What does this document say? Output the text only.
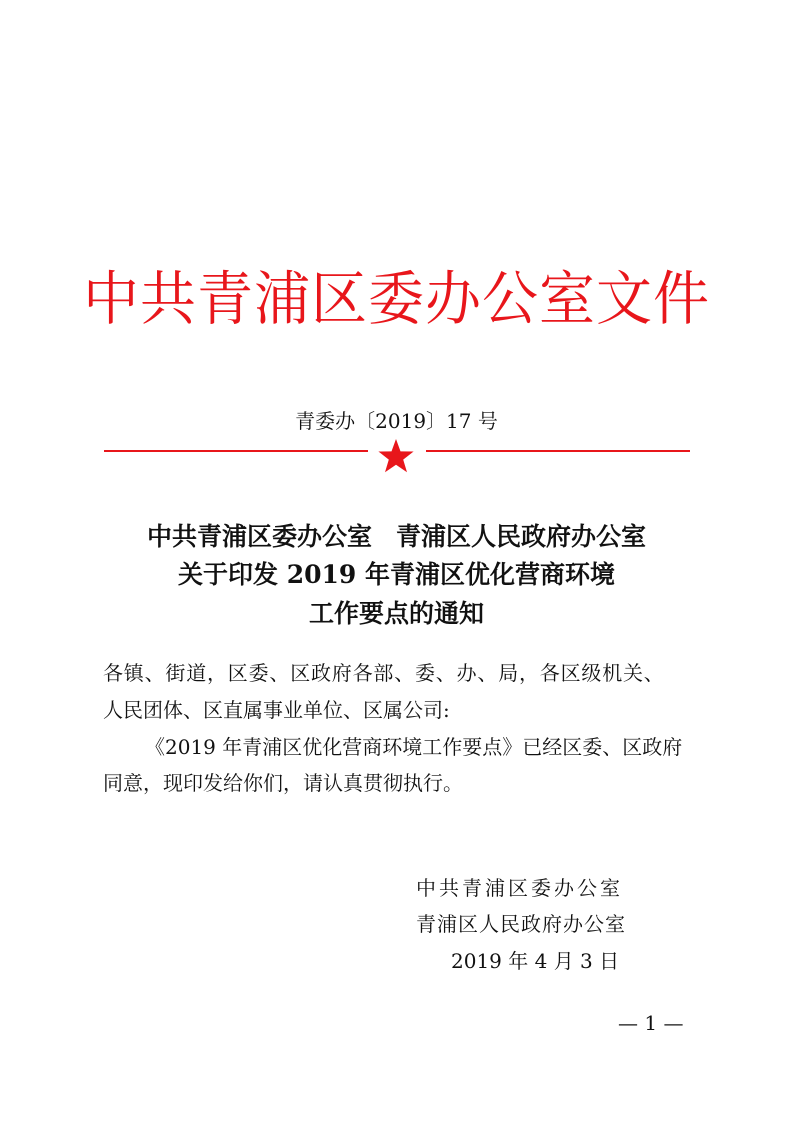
中共青浦区委办公室文件
青委办〔2019〕17 号
中共青浦区委办公室 青浦区人民政府办公室
关于印发 2019 年青浦区优化营商环境
工作要点的通知
各镇、街道，区委、区政府各部、委、办、局，各区级机关、
人民团体、区直属事业单位、区属公司:
《2019 年青浦区优化营商环境工作要点》已经区委、区政府
同意，现印发给你们，请认真贯彻执行。
中共青浦区委办公室
青浦区人民政府办公室
2019 年 4 月 3 日
— 1 —
